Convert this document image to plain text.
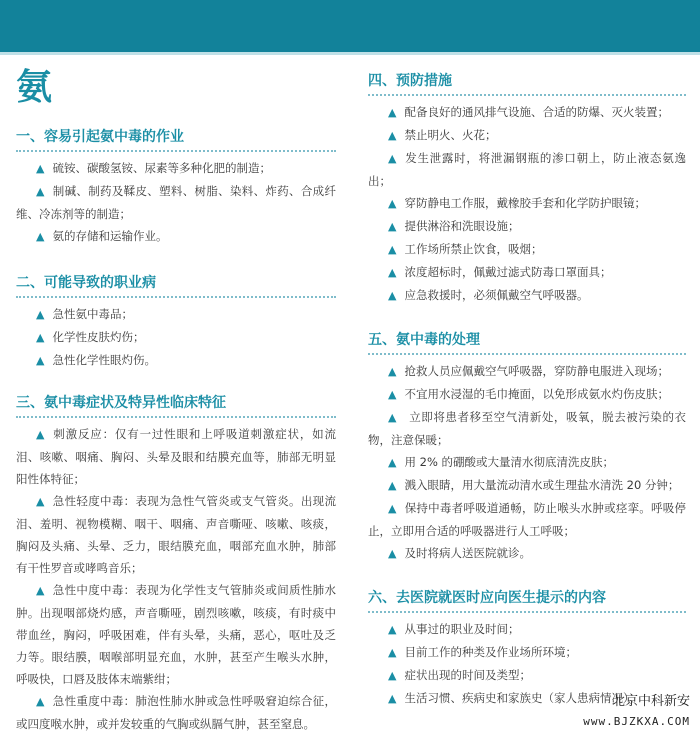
氨
一、容易引起氨中毒的作业
▲ 硫铵、碳酸氢铵、尿素等多种化肥的制造；
▲ 制碱、制药及鞣皮、塑料、树脂、染料、炸药、合成纤维、冷冻剂等的制造；
▲ 氨的存储和运输作业。
二、可能导致的职业病
▲ 急性氨中毒品；
▲ 化学性皮肤灼伤；
▲ 急性化学性眼灼伤。
三、氨中毒症状及特异性临床特征
▲ 刺激反应：仅有一过性眼和上呼吸道刺激症状，如流泪、咳嗽、咽痛、胸闷、头晕及眼和结膜充血等，肺部无明显阳性体特征；
▲ 急性轻度中毒：表现为急性气管炎或支气管炎。出现流泪、羞明、视物模糊、咽干、咽痛、声音嘶哑、咳嗽、咳痰，胸闷及头痛、头晕、乏力，眼结膜充血，咽部充血水肿，肺部有干性罗音或哮鸣音乐；
▲ 急性中度中毒：表现为化学性支气管肺炎或间质性肺水肿。出现咽部烧灼感，声音嘶哑，剧烈咳嗽，咳痰，有时痰中带血丝，胸闷，呼吸困难，伴有头晕，头痛，恶心，呕吐及乏力等。眼结膜，咽喉部明显充血，水肿，甚至产生喉头水肿，呼吸快，口唇及肢体末端紫绀；
▲ 急性重度中毒：肺泡性肺水肿或急性呼吸窘迫综合征，或四度喉水肿，或并发较重的气胸或纵膈气肿，甚至窒息。
四、预防措施
▲ 配备良好的通风排气设施、合适的防爆、灭火装置；
▲ 禁止明火、火花；
▲ 发生泄露时，将泄漏钢瓶的渗口朝上，防止液态氨逸出；
▲ 穿防静电工作服，戴橡胶手套和化学防护眼镜；
▲ 提供淋浴和洗眼设施；
▲ 工作场所禁止饮食，吸烟；
▲ 浓度超标时，佩戴过滤式防毒口罩面具；
▲ 应急救援时，必须佩戴空气呼吸器。
五、氨中毒的处理
▲ 抢救人员应佩戴空气呼吸器，穿防静电服进入现场；
▲ 不宜用水浸湿的毛巾掩面，以免形成氨水灼伤皮肤；
▲ 立即将患者移至空气清新处，吸氧，脱去被污染的衣物，注意保暖；
▲ 用 2% 的硼酸或大量清水彻底清洗皮肤；
▲ 溅入眼睛，用大量流动清水或生理盐水清洗 20 分钟；
▲ 保持中毒者呼吸道通畅，防止喉头水肿或痉挛。呼吸停止，立即用合适的呼吸器进行人工呼吸；
▲ 及时将病人送医院就诊。
六、去医院就医时应向医生提示的内容
▲ 从事过的职业及时间；
▲ 目前工作的种类及作业场所环境；
▲ 症状出现的时间及类型；
▲ 生活习惯、疾病史和家族史（家人患病情况）。
北京中科新安
www.BJZKXA.COM
